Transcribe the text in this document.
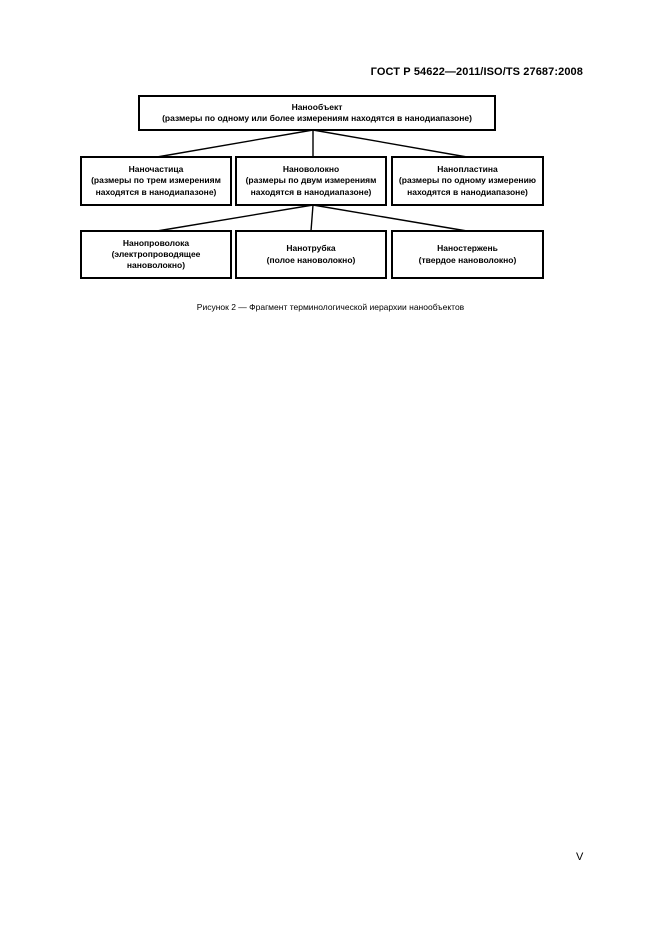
ГОСТ Р 54622—2011/ISO/TS 27687:2008
Нанообъект
(размеры по одному или более измерениям находятся в нанодиапазоне)
Наночастица
(размеры по трем измерениям находятся в нанодиапазоне)
Нановолокно
(размеры по двум измерениям находятся в нанодиапазоне)
Нанопластина
(размеры по одному измерению находятся в нанодиапазоне)
Нанопроволока
(электропроводящее нановолокно)
Нанотрубка
(полое нановолокно)
Наностержень
(твердое нановолокно)
Рисунок 2 — Фрагмент терминологической иерархии нанообъектов
V
